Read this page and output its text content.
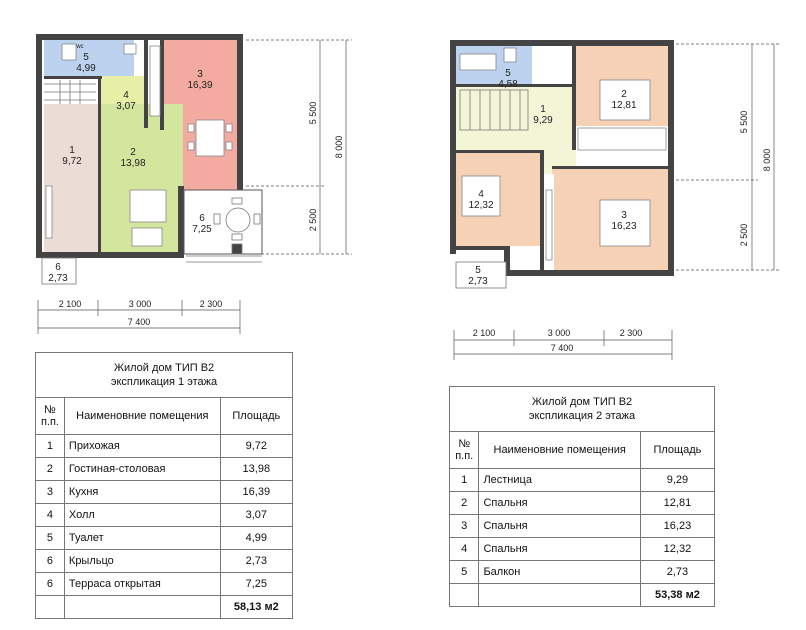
5
4,99
4
3,07
3
16,39
1
9,72
2
13,98
6
7,25
6
2,73
wc
2 100	3 000	2 300
7 400
5 500
2 500
8 000
5
4,58
1
9,29
2
12,81
4
12,32
3
16,23
5
2,73
2 100	3 000	2 300
7 400
5 500
2 500
8 000
Жилой дом ТИП В2
экспликация 1 этажа		

№ п.п.	Наименовние помещения	Площадь
1	Прихожая	9,72
2	Гостиная-столовая	13,98
3	Кухня	16,39
4	Холл	3,07
5	Туалет	4,99
6	Крыльцо	2,73
6	Терраса открытая	7,25
		58,13 м2
Жилой дом ТИП В2
экспликация 2 этажа		

№ п.п.	Наименовние помещения	Площадь
1	Лестница	9,29
2	Спальня	12,81
3	Спальня	16,23
4	Спальня	12,32
5	Балкон	2,73
		53,38 м2
